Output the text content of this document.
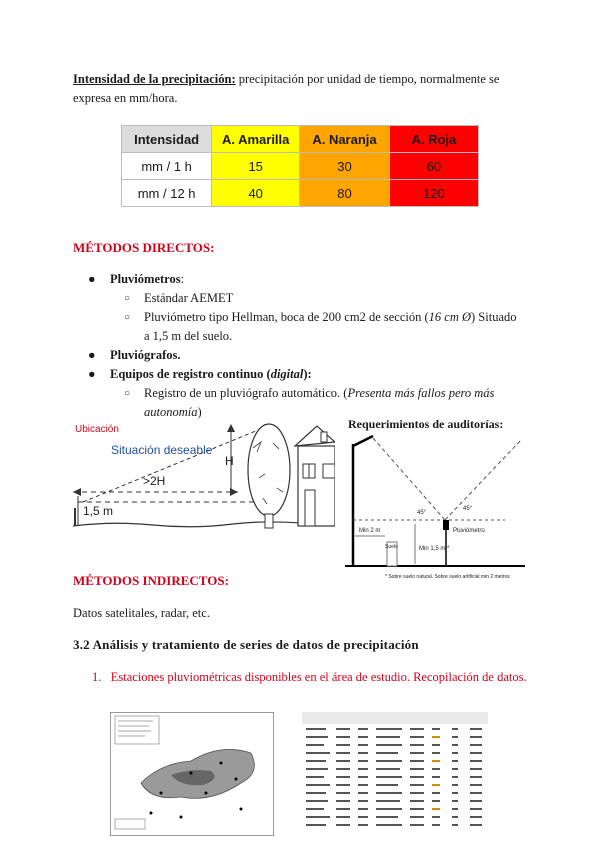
Intensidad de la precipitación: precipitación por unidad de tiempo, normalmente se expresa en mm/hora.
Intensidad	A. Amarilla	A. Naranja	A. Roja
mm / 1 h	15	30	60
mm / 12 h	40	80	120
MÉTODOS DIRECTOS:
● Pluviómetros:
○ Estándar AEMET
○ Pluviómetro tipo Hellman, boca de 200 cm2 de sección (16 cm Ø) Situado a 1,5 m del suelo.
● Pluviógrafos.
● Equipos de registro continuo (digital):
○ Registro de un pluviógrafo automático. (Presenta más fallos pero más autonomía)
Ubicación
Situación deseable
H
>2H
1,5 m
Requerimientos de auditorías:
45°
45°
Min 2 m
Suelo	Min 1,5 m *
Pluviómetro
* Sobre suelo natural. Sobre suelo artificial min 2 metros
MÉTODOS INDIRECTOS:
Datos satelitales, radar, etc.
3.2 Análisis y tratamiento de series de datos de precipitación
1. Estaciones pluviométricas disponibles en el área de estudio. Recopilación de datos.
